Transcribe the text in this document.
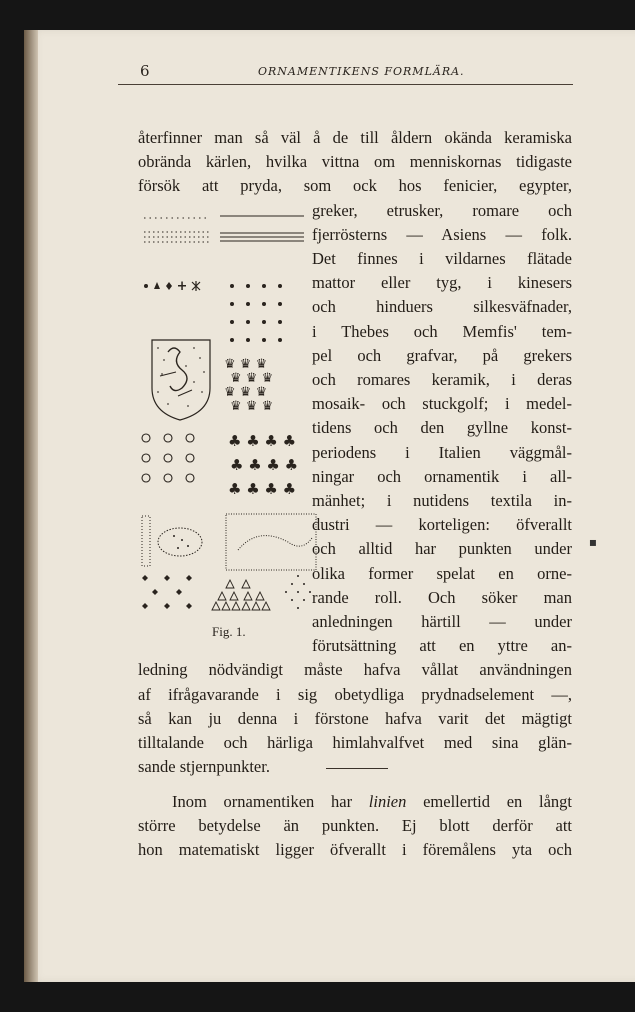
6	ORNAMENTIKENS FORMLÄRA.
♛ ♛ ♛
♛ ♛ ♛
♛ ♛ ♛
♛ ♛ ♛
♣ ♣ ♣ ♣
♣ ♣ ♣ ♣
♣ ♣ ♣ ♣
Fig. 1.
återfinner man så väl å de till åldern okända keramiska
obrända kärlen, hvilka vittna om menniskornas tidigaste
försök att pryda, som ock hos fenicier, egypter,
greker, etrusker, romare och
fjerrösterns — Asiens — folk.
Det finnes i vildarnes flätade
mattor eller tyg, i kinesers
och hinduers silkesväfnader,
i Thebes och Memfis' tem-
pel och grafvar, på grekers
och romares keramik, i deras
mosaik- och stuckgolf; i medel-
tidens och den gyllne konst-
periodens i Italien väggmål-
ningar och ornamentik i all-
mänhet; i nutidens textila in-
dustri — korteligen: öfverallt
och alltid har punkten under
olika former spelat en orne-
rande roll. Och söker man
anledningen härtill — under
förutsättning att en yttre an-
ledning nödvändigt måste hafva vållat användningen
af ifrågavarande i sig obetydliga prydnadselement —,
så kan ju denna i förstone hafva varit det mägtigt
tilltalande och härliga himlahvalfvet med sina glän-
sande stjernpunkter.
Inom ornamentiken har linien emellertid en långt
större betydelse än punkten. Ej blott derför att
hon matematiskt ligger öfverallt i föremålens yta och
▪
